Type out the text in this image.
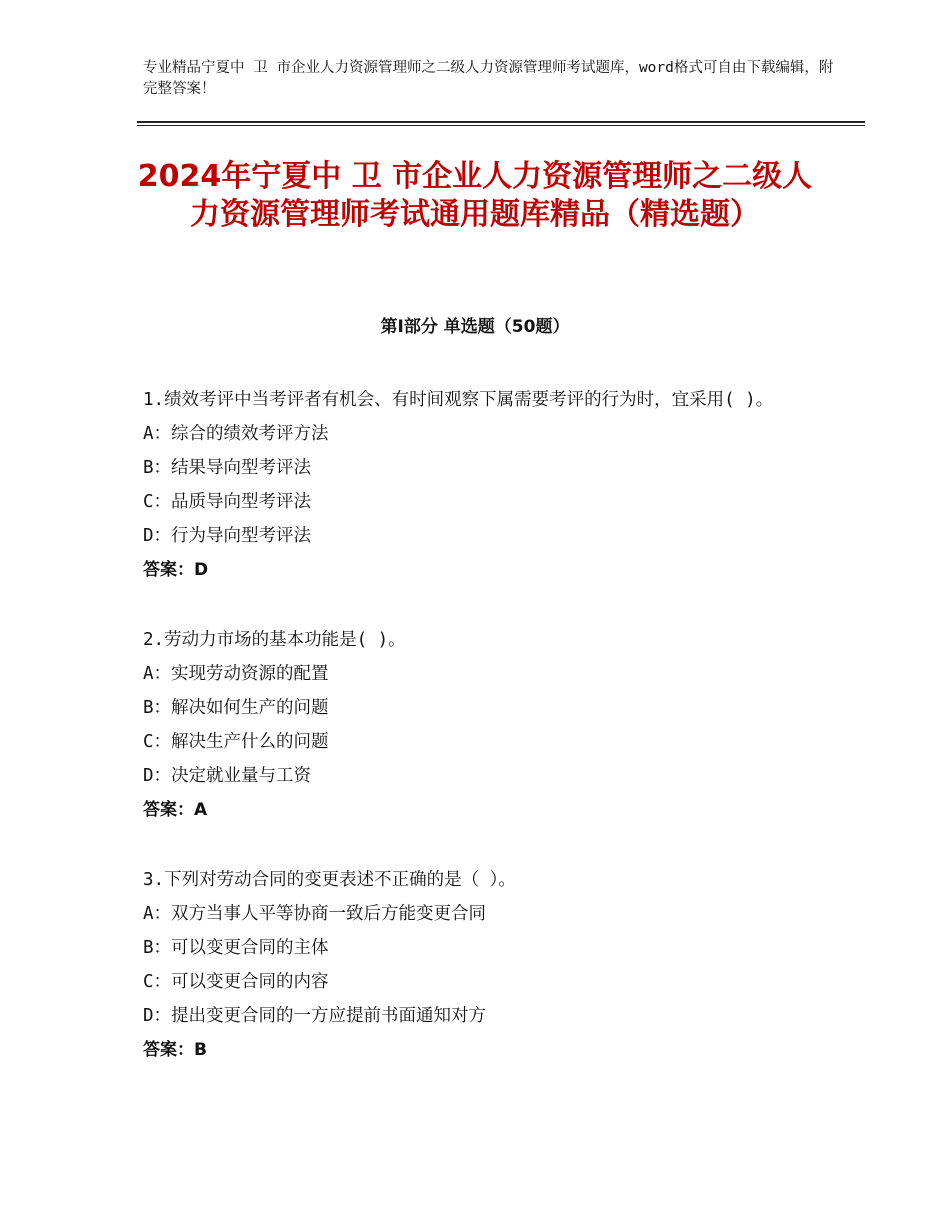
专业精品宁夏中 卫 市企业人力资源管理师之二级人力资源管理师考试题库，word格式可自由下载编辑，附完整答案！
2024年宁夏中 卫 市企业人力资源管理师之二级人力资源管理师考试通用题库精品（精选题）
第Ⅰ部分 单选题（50题）
1.绩效考评中当考评者有机会、有时间观察下属需要考评的行为时，宜采用( )。
A：综合的绩效考评方法
B：结果导向型考评法
C：品质导向型考评法
D：行为导向型考评法
答案：D
2.劳动力市场的基本功能是( )。
A：实现劳动资源的配置
B：解决如何生产的问题
C：解决生产什么的问题
D：决定就业量与工资
答案：A
3.下列对劳动合同的变更表述不正确的是（ ）。
A：双方当事人平等协商一致后方能变更合同
B：可以变更合同的主体
C：可以变更合同的内容
D：提出变更合同的一方应提前书面通知对方
答案：B
